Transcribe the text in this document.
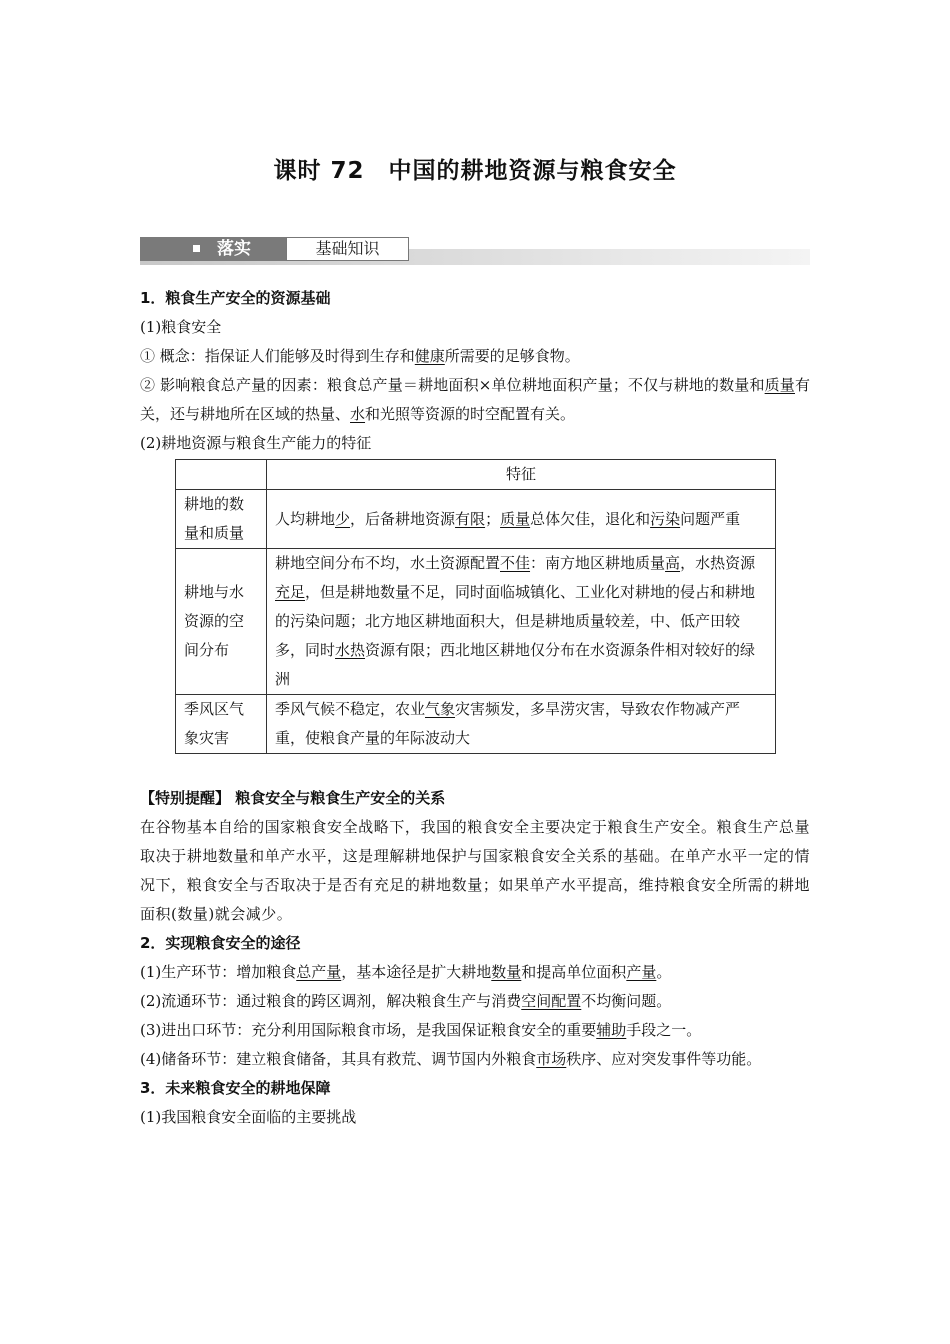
课时 72　中国的耕地资源与粮食安全
落实	基础知识

1．粮食生产安全的资源基础

(1)粮食安全

① 概念：指保证人们能够及时得到生存和健康所需要的足够食物。

② 影响粮食总产量的因素：粮食总产量＝耕地面积×单位耕地面积产量；不仅与耕地的数量和质量有关，还与耕地所在区域的热量、水和光照等资源的时空配置有关。

(2)耕地资源与粮食生产能力的特征

	特征
耕地的数量和质量	人均耕地少，后备耕地资源有限；质量总体欠佳，退化和污染问题严重
耕地与水资源的空间分布	耕地空间分布不均，水土资源配置不佳：南方地区耕地质量高，水热资源充足，但是耕地数量不足，同时面临城镇化、工业化对耕地的侵占和耕地的污染问题；北方地区耕地面积大，但是耕地质量较差，中、低产田较多，同时水热资源有限；西北地区耕地仅分布在水资源条件相对较好的绿洲
季风区气象灾害	季风气候不稳定，农业气象灾害频发，多旱涝灾害，导致农作物减产严重，使粮食产量的年际波动大

【特别提醒】 粮食安全与粮食生产安全的关系

在谷物基本自给的国家粮食安全战略下，我国的粮食安全主要决定于粮食生产安全。粮食生产总量取决于耕地数量和单产水平，这是理解耕地保护与国家粮食安全关系的基础。在单产水平一定的情况下，粮食安全与否取决于是否有充足的耕地数量；如果单产水平提高，维持粮食安全所需的耕地面积(数量)就会减少。

2．实现粮食安全的途径

(1)生产环节：增加粮食总产量，基本途径是扩大耕地数量和提高单位面积产量。

(2)流通环节：通过粮食的跨区调剂，解决粮食生产与消费空间配置不均衡问题。

(3)进出口环节：充分利用国际粮食市场，是我国保证粮食安全的重要辅助手段之一。

(4)储备环节：建立粮食储备，其具有救荒、调节国内外粮食市场秩序、应对突发事件等功能。

3．未来粮食安全的耕地保障

(1)我国粮食安全面临的主要挑战
